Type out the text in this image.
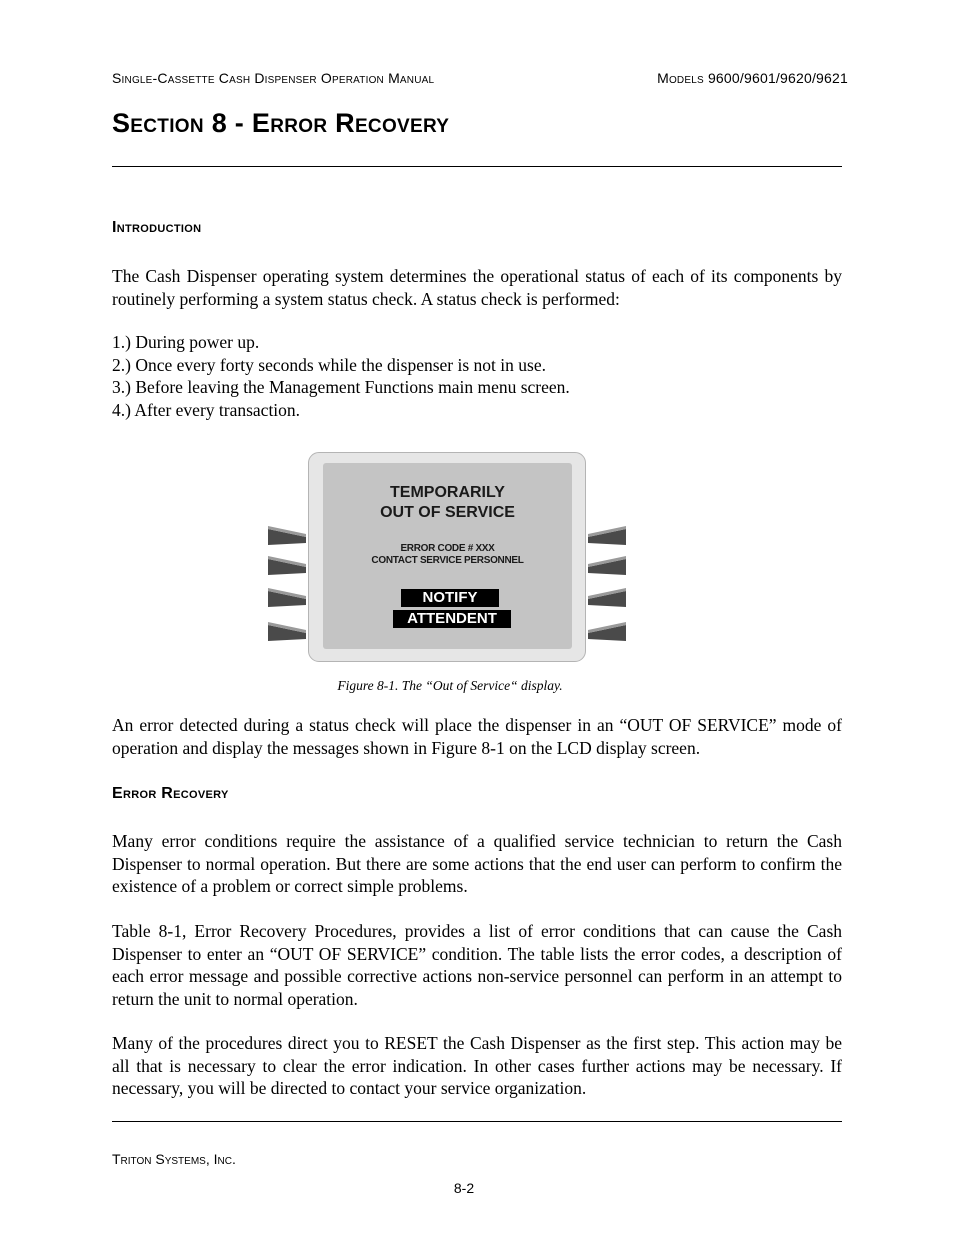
Single-Cassette Cash Dispenser Operation Manual	Models 9600/9601/9620/9621
Section 8 - Error Recovery
Introduction

The Cash Dispenser operating system determines the operational status of each of its components by routinely performing a system status check. A status check is performed:

1.) During power up.
2.) Once every forty seconds while the dispenser is not in use.
3.) Before leaving the Management Functions main menu screen.
4.) After every transaction.
TEMPORARILY
OUT OF SERVICE
ERROR CODE # XXX
CONTACT SERVICE PERSONNEL
NOTIFY
ATTENDENT
Figure 8-1. The “Out of Service“ display.

An error detected during a status check will place the dispenser in an “OUT OF SERVICE” mode of operation and display the messages shown in Figure 8-1 on the LCD display screen.

Error Recovery

Many error conditions require the assistance of a qualified service technician to return the Cash Dispenser to normal operation. But there are some actions that the end user can perform to confirm the existence of a problem or correct simple problems.

Table 8-1, Error Recovery Procedures, provides a list of error conditions that can cause the Cash Dispenser to enter an “OUT OF SERVICE” condition. The table lists the error codes, a description of each error message and possible corrective actions non-service personnel can perform in an attempt to return the unit to normal operation.

Many of the procedures direct you to RESET the Cash Dispenser as the first step. This action may be all that is necessary to clear the error indication. In other cases further actions may be necessary. If necessary, you will be directed to contact your service organization.

Triton Systems, Inc.
8-2
